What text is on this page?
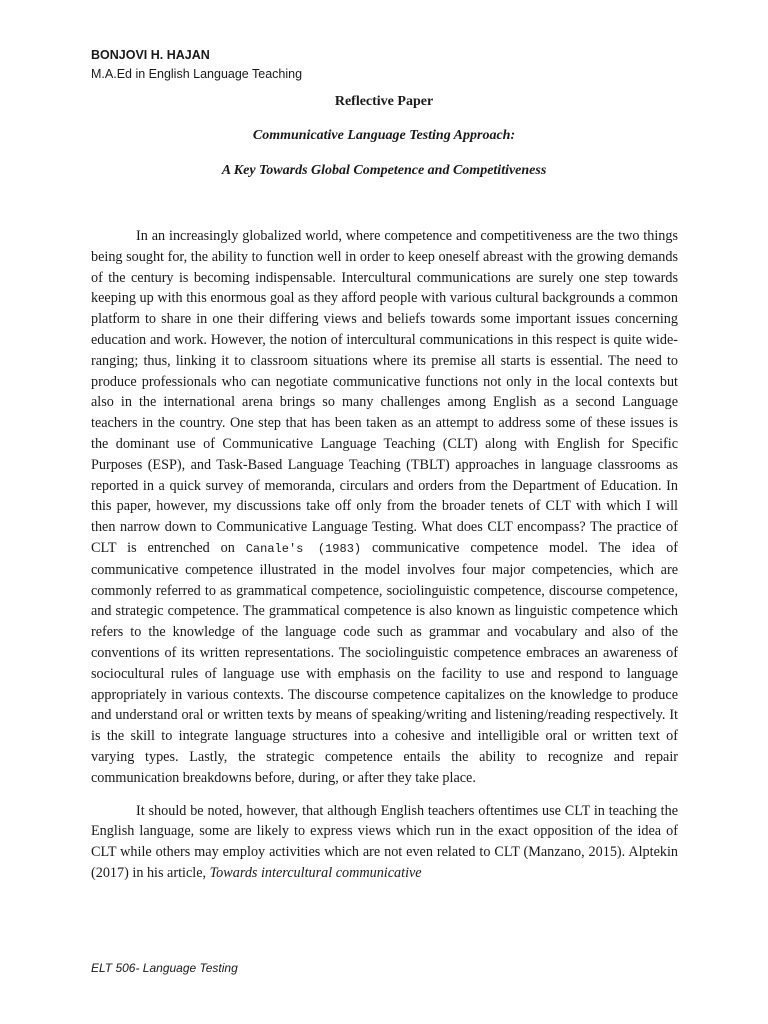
BONJOVI H. HAJAN
M.A.Ed in English Language Teaching
Reflective Paper
Communicative Language Testing Approach:
A Key Towards Global Competence and Competitiveness

In an increasingly globalized world, where competence and competitiveness are the two things being sought for, the ability to function well in order to keep oneself abreast with the growing demands of the century is becoming indispensable. Intercultural communications are surely one step towards keeping up with this enormous goal as they afford people with various cultural backgrounds a common platform to share in one their differing views and beliefs towards some important issues concerning education and work. However, the notion of intercultural communications in this respect is quite wide-ranging; thus, linking it to classroom situations where its premise all starts is essential. The need to produce professionals who can negotiate communicative functions not only in the local contexts but also in the international arena brings so many challenges among English as a second Language teachers in the country. One step that has been taken as an attempt to address some of these issues is the dominant use of Communicative Language Teaching (CLT) along with English for Specific Purposes (ESP), and Task-Based Language Teaching (TBLT) approaches in language classrooms as reported in a quick survey of memoranda, circulars and orders from the Department of Education. In this paper, however, my discussions take off only from the broader tenets of CLT with which I will then narrow down to Communicative Language Testing. What does CLT encompass? The practice of CLT is entrenched on Canale's (1983) communicative competence model. The idea of communicative competence illustrated in the model involves four major competencies, which are commonly referred to as grammatical competence, sociolinguistic competence, discourse competence, and strategic competence. The grammatical competence is also known as linguistic competence which refers to the knowledge of the language code such as grammar and vocabulary and also of the conventions of its written representations. The sociolinguistic competence embraces an awareness of sociocultural rules of language use with emphasis on the facility to use and respond to language appropriately in various contexts. The discourse competence capitalizes on the knowledge to produce and understand oral or written texts by means of speaking/writing and listening/reading respectively. It is the skill to integrate language structures into a cohesive and intelligible oral or written text of varying types. Lastly, the strategic competence entails the ability to recognize and repair communication breakdowns before, during, or after they take place.

It should be noted, however, that although English teachers oftentimes use CLT in teaching the English language, some are likely to express views which run in the exact opposition of the idea of CLT while others may employ activities which are not even related to CLT (Manzano, 2015). Alptekin (2017) in his article, Towards intercultural communicative

ELT 506- Language Testing
